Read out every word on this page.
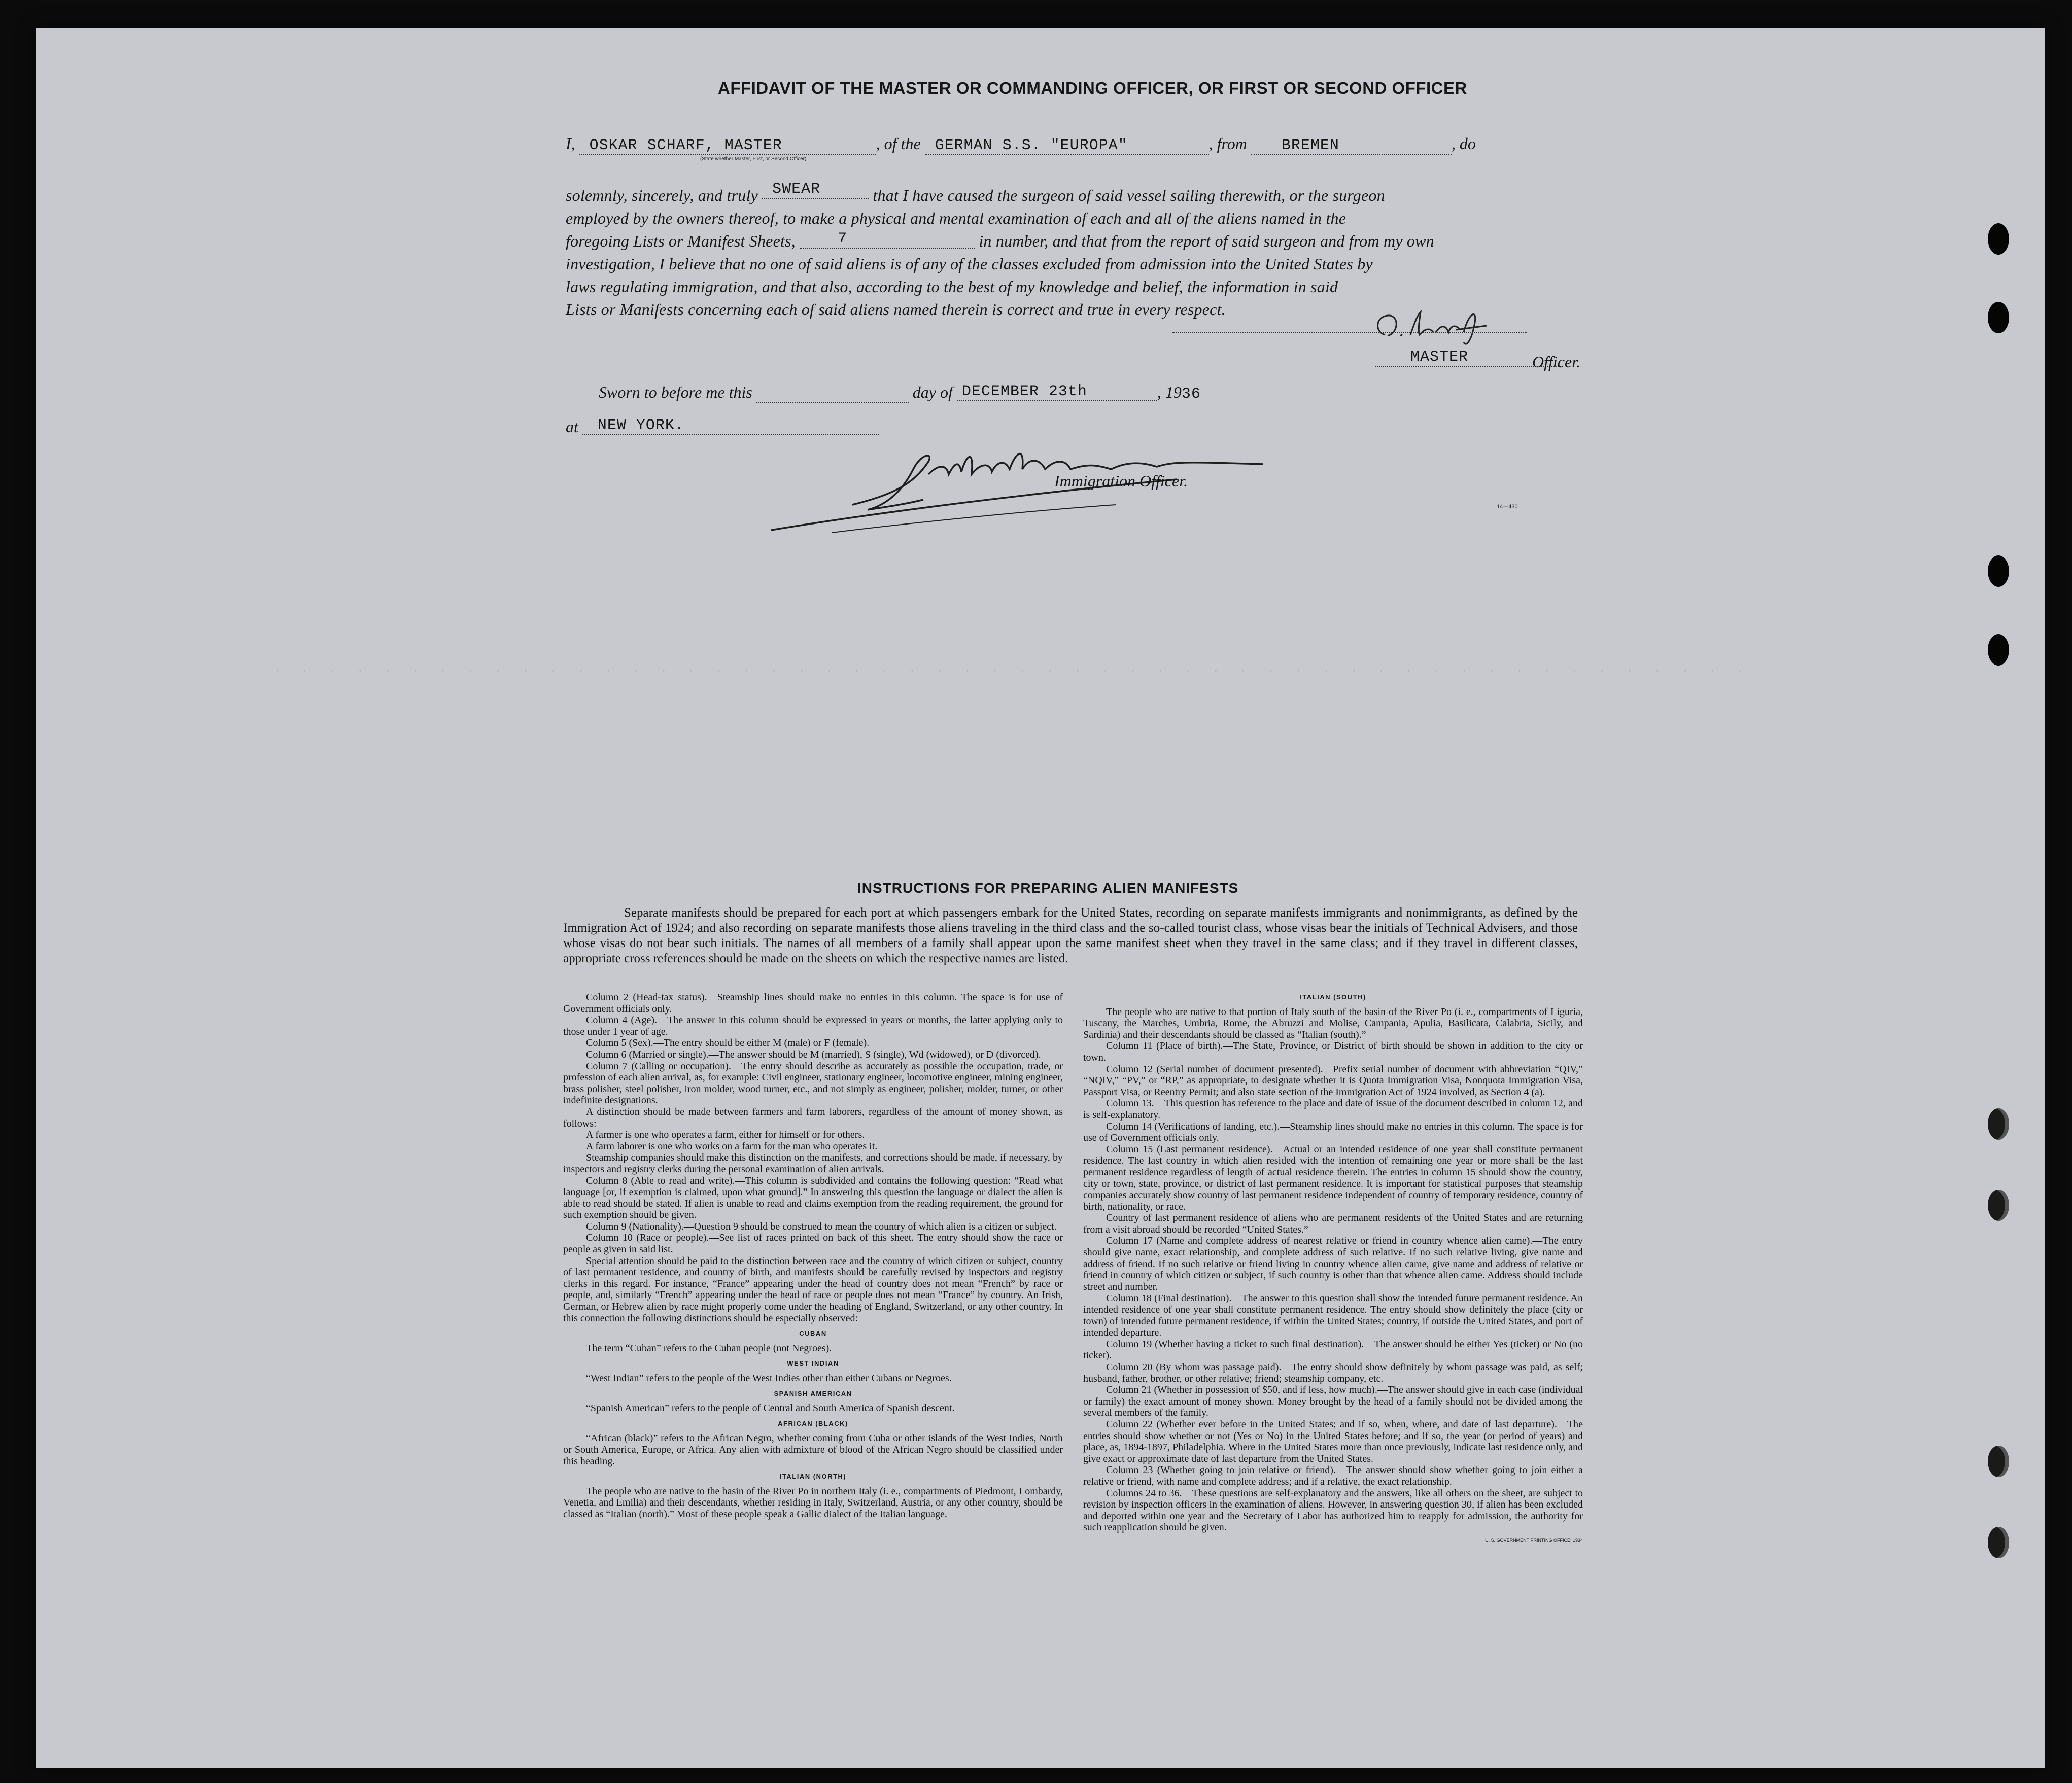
· · · · · · · · · · · · · · · · · · · · · · · · · · · · · · · · · · · · · · · · · · · · · · · · · · · · · ·
AFFIDAVIT OF THE MASTER OR COMMANDING OFFICER, OR FIRST OR SECOND OFFICER
I, OSKAR SCHARF, MASTER	, of the GERMAN S.S. "EUROPA"	, from BREMEN	, do
(State whether Master, First, or Second Officer)
solemnly, sincerely, and truly SWEAR	that I have caused the surgeon of said vessel sailing therewith, or the surgeon
employed by the owners thereof, to make a physical and mental examination of each and all of the aliens named in the
foregoing Lists or Manifest Sheets,	7	in number, and that from the report of said surgeon and from my own
investigation, I believe that no one of said aliens is of any of the classes excluded from admission into the United States by
laws regulating immigration, and that also, according to the best of my knowledge and belief, the information in said
Lists or Manifests concerning each of said aliens named therein is correct and true in every respect.
MASTER	Officer.
Sworn to before me this	day of DECEMBER 23th	, 1936
at NEW YORK.
Immigration Officer.
14—430
INSTRUCTIONS FOR PREPARING ALIEN MANIFESTS
Separate manifests should be prepared for each port at which passengers embark for the United States, recording on separate manifests immigrants and nonimmigrants, as defined by the Immigration Act of 1924; and also recording on separate manifests those aliens traveling in the third class and the so-called tourist class, whose visas bear the initials of Technical Advisers, and those whose visas do not bear such initials. The names of all members of a family shall appear upon the same manifest sheet when they travel in the same class; and if they travel in different classes, appropriate cross references should be made on the sheets on which the respective names are listed.

Column 2 (Head-tax status).—Steamship lines should make no entries in this column. The space is for use of Government officials only.

Column 4 (Age).—The answer in this column should be expressed in years or months, the latter applying only to those under 1 year of age.

Column 5 (Sex).—The entry should be either M (male) or F (female).

Column 6 (Married or single).—The answer should be M (married), S (single), Wd (widowed), or D (divorced).

Column 7 (Calling or occupation).—The entry should describe as accurately as possible the occupation, trade, or profession of each alien arrival, as, for example: Civil engineer, stationary engineer, locomotive engineer, mining engineer, brass polisher, steel polisher, iron molder, wood turner, etc., and not simply as engineer, polisher, molder, turner, or other indefinite designations.

A distinction should be made between farmers and farm laborers, regardless of the amount of money shown, as follows:

A farmer is one who operates a farm, either for himself or for others.

A farm laborer is one who works on a farm for the man who operates it.

Steamship companies should make this distinction on the manifests, and corrections should be made, if necessary, by inspectors and registry clerks during the personal examination of alien arrivals.

Column 8 (Able to read and write).—This column is subdivided and contains the following question: “Read what language [or, if exemption is claimed, upon what ground].” In answering this question the language or dialect the alien is able to read should be stated. If alien is unable to read and claims exemption from the reading requirement, the ground for such exemption should be given.

Column 9 (Nationality).—Question 9 should be construed to mean the country of which alien is a citizen or subject.

Column 10 (Race or people).—See list of races printed on back of this sheet. The entry should show the race or people as given in said list.

Special attention should be paid to the distinction between race and the country of which citizen or subject, country of last permanent residence, and country of birth, and manifests should be carefully revised by inspectors and registry clerks in this regard. For instance, “France” appearing under the head of country does not mean “French” by race or people, and, similarly “French” appearing under the head of race or people does not mean “France” by country. An Irish, German, or Hebrew alien by race might properly come under the heading of England, Switzerland, or any other country. In this connection the following distinctions should be especially observed:

CUBAN

The term “Cuban” refers to the Cuban people (not Negroes).

WEST INDIAN

“West Indian” refers to the people of the West Indies other than either Cubans or Negroes.

SPANISH AMERICAN

“Spanish American” refers to the people of Central and South America of Spanish descent.

AFRICAN (BLACK)

“African (black)” refers to the African Negro, whether coming from Cuba or other islands of the West Indies, North or South America, Europe, or Africa. Any alien with admixture of blood of the African Negro should be classified under this heading.

ITALIAN (NORTH)

The people who are native to the basin of the River Po in northern Italy (i. e., compartments of Piedmont, Lombardy, Venetia, and Emilia) and their descendants, whether residing in Italy, Switzerland, Austria, or any other country, should be classed as “Italian (north).” Most of these people speak a Gallic dialect of the Italian language.

ITALIAN (SOUTH)

The people who are native to that portion of Italy south of the basin of the River Po (i. e., compartments of Liguria, Tuscany, the Marches, Umbria, Rome, the Abruzzi and Molise, Campania, Apulia, Basilicata, Calabria, Sicily, and Sardinia) and their descendants should be classed as “Italian (south).”

Column 11 (Place of birth).—The State, Province, or District of birth should be shown in addition to the city or town.

Column 12 (Serial number of document presented).—Prefix serial number of document with abbreviation “QIV,” “NQIV,” “PV,” or “RP,” as appropriate, to designate whether it is Quota Immigration Visa, Nonquota Immigration Visa, Passport Visa, or Reentry Permit; and also state section of the Immigration Act of 1924 involved, as Section 4 (a).

Column 13.—This question has reference to the place and date of issue of the document described in column 12, and is self-explanatory.

Column 14 (Verifications of landing, etc.).—Steamship lines should make no entries in this column. The space is for use of Government officials only.

Column 15 (Last permanent residence).—Actual or an intended residence of one year shall constitute permanent residence. The last country in which alien resided with the intention of remaining one year or more shall be the last permanent residence regardless of length of actual residence therein. The entries in column 15 should show the country, city or town, state, province, or district of last permanent residence. It is important for statistical purposes that steamship companies accurately show country of last permanent residence independent of country of temporary residence, country of birth, nationality, or race.

Country of last permanent residence of aliens who are permanent residents of the United States and are returning from a visit abroad should be recorded “United States.”

Column 17 (Name and complete address of nearest relative or friend in country whence alien came).—The entry should give name, exact relationship, and complete address of such relative. If no such relative living, give name and address of friend. If no such relative or friend living in country whence alien came, give name and address of relative or friend in country of which citizen or subject, if such country is other than that whence alien came. Address should include street and number.

Column 18 (Final destination).—The answer to this question shall show the intended future permanent residence. An intended residence of one year shall constitute permanent residence. The entry should show definitely the place (city or town) of intended future permanent residence, if within the United States; country, if outside the United States, and port of intended departure.

Column 19 (Whether having a ticket to such final destination).—The answer should be either Yes (ticket) or No (no ticket).

Column 20 (By whom was passage paid).—The entry should show definitely by whom passage was paid, as self; husband, father, brother, or other relative; friend; steamship company, etc.

Column 21 (Whether in possession of $50, and if less, how much).—The answer should give in each case (individual or family) the exact amount of money shown. Money brought by the head of a family should not be divided among the several members of the family.

Column 22 (Whether ever before in the United States; and if so, when, where, and date of last departure).—The entries should show whether or not (Yes or No) in the United States before; and if so, the year (or period of years) and place, as, 1894-1897, Philadelphia. Where in the United States more than once previously, indicate last residence only, and give exact or approximate date of last departure from the United States.

Column 23 (Whether going to join relative or friend).—The answer should show whether going to join either a relative or friend, with name and complete address; and if a relative, the exact relationship.

Columns 24 to 36.—These questions are self-explanatory and the answers, like all others on the sheet, are subject to revision by inspection officers in the examination of aliens. However, in answering question 30, if alien has been excluded and deported within one year and the Secretary of Labor has authorized him to reapply for admission, the authority for such reapplication should be given.

U. S. GOVERNMENT PRINTING OFFICE: 1934
